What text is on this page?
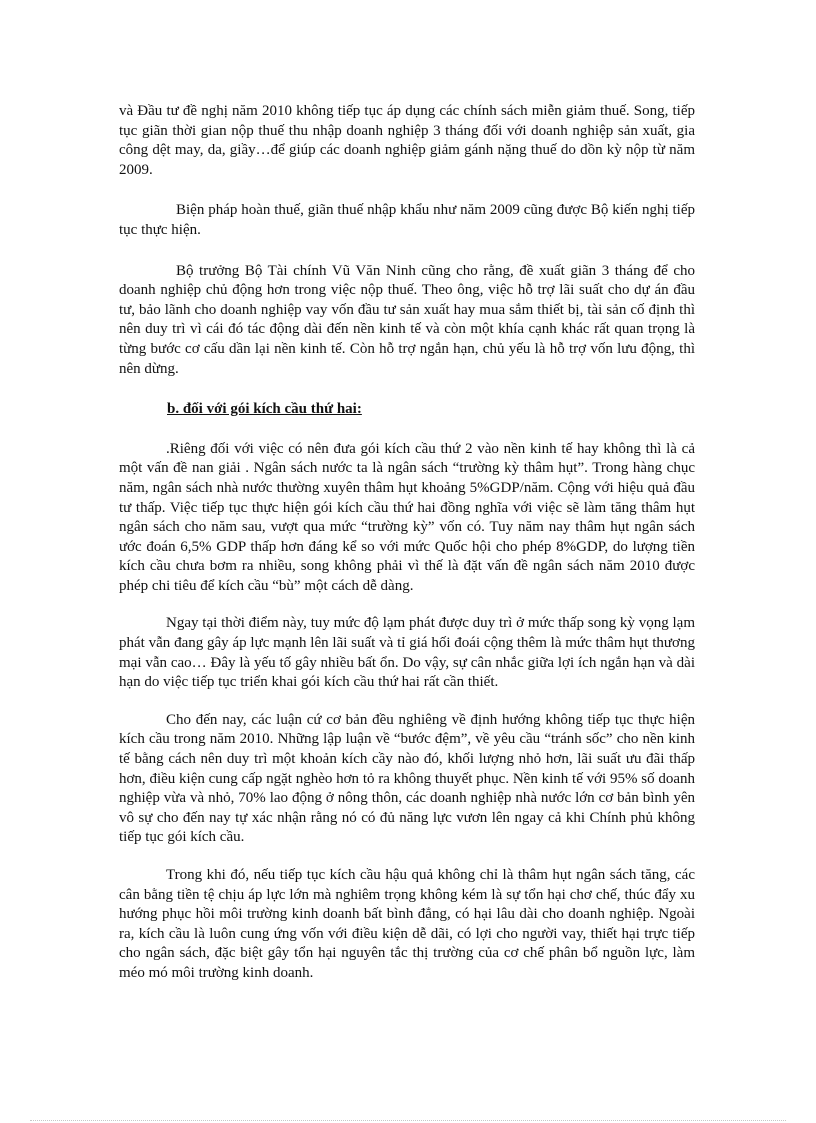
và Đầu tư đề nghị năm 2010 không tiếp tục áp dụng các chính sách miễn giảm thuế. Song, tiếp tục giãn thời gian nộp thuế thu nhập doanh nghiệp 3 tháng đối với doanh nghiệp sản xuất, gia công dệt may, da, giầy…để giúp các doanh nghiệp giảm gánh nặng thuế do dồn kỳ nộp từ năm 2009.

Biện pháp hoàn thuế, giãn thuế nhập khẩu như năm 2009 cũng được Bộ kiến nghị tiếp tục thực hiện.

Bộ trưởng Bộ Tài chính Vũ Văn Ninh cũng cho rằng, đề xuất giãn 3 tháng để cho doanh nghiệp chủ động hơn trong việc nộp thuế. Theo ông, việc hỗ trợ lãi suất cho dự án đầu tư, bảo lãnh cho doanh nghiệp vay vốn đầu tư sản xuất hay mua sắm thiết bị, tài sản cố định thì nên duy trì vì cái đó tác động dài đến nền kinh tế và còn một khía cạnh khác rất quan trọng là từng bước cơ cấu dần lại nền kinh tế. Còn hỗ trợ ngắn hạn, chủ yếu là hỗ trợ vốn lưu động, thì nên dừng.

b. đối với gói kích cầu thứ hai:

.Riêng đối với việc có nên đưa gói kích cầu thứ 2 vào nền kinh tế hay không thì là cả một vấn đề nan giải . Ngân sách nước ta là ngân sách “trường kỳ thâm hụt”. Trong hàng chục năm, ngân sách nhà nước thường xuyên thâm hụt khoảng 5%GDP/năm. Cộng với hiệu quả đầu tư thấp. Việc tiếp tục thực hiện gói kích cầu thứ hai đồng nghĩa với việc sẽ làm tăng thâm hụt ngân sách cho năm sau, vượt qua mức “trường kỳ” vốn có. Tuy năm nay thâm hụt ngân sách ước đoán 6,5% GDP thấp hơn đáng kể so với mức Quốc hội cho phép 8%GDP, do lượng tiền kích cầu chưa bơm ra nhiều, song không phải vì thế là đặt vấn đề ngân sách năm 2010 được phép chi tiêu để kích cầu “bù” một cách dễ dàng.

Ngay tại thời điểm này, tuy mức độ lạm phát được duy trì ở mức thấp song kỳ vọng lạm phát vẫn đang gây áp lực mạnh lên lãi suất và tỉ giá hối đoái cộng thêm là mức thâm hụt thương mại vẫn cao… Đây là yếu tố gây nhiều bất ổn. Do vậy, sự cân nhắc giữa lợi ích ngắn hạn và dài hạn do việc tiếp tục triển khai gói kích cầu thứ hai rất cần thiết.

Cho đến nay, các luận cứ cơ bản đều nghiêng về định hướng không tiếp tục thực hiện kích cầu trong năm 2010. Những lập luận về “bước đệm”, về yêu cầu “tránh sốc” cho nền kinh tế bằng cách nên duy trì một khoản kích cầy nào đó, khối lượng nhỏ hơn, lãi suất ưu đãi thấp hơn, điều kiện cung cấp ngặt nghèo hơn tỏ ra không thuyết phục. Nền kinh tế với 95% số doanh nghiệp vừa và nhỏ, 70% lao động ở nông thôn, các doanh nghiệp nhà nước lớn cơ bản bình yên vô sự cho đến nay tự xác nhận rằng nó có đủ năng lực vươn lên ngay cả khi Chính phủ không tiếp tục gói kích cầu.

Trong khi đó, nếu tiếp tục kích cầu hậu quả không chỉ là thâm hụt ngân sách tăng, các cân bằng tiền tệ chịu áp lực lớn mà nghiêm trọng không kém là sự tổn hại chơ chế, thúc đẩy xu hướng phục hồi môi trường kinh doanh bất bình đẳng, có hại lâu dài cho doanh nghiệp. Ngoài ra, kích cầu là luôn cung ứng vốn với điều kiện dễ dãi, có lợi cho người vay, thiết hại trực tiếp cho ngân sách, đặc biệt gây tổn hại nguyên tắc thị trường của cơ chế phân bổ nguồn lực, làm méo mó môi trường kinh doanh.
